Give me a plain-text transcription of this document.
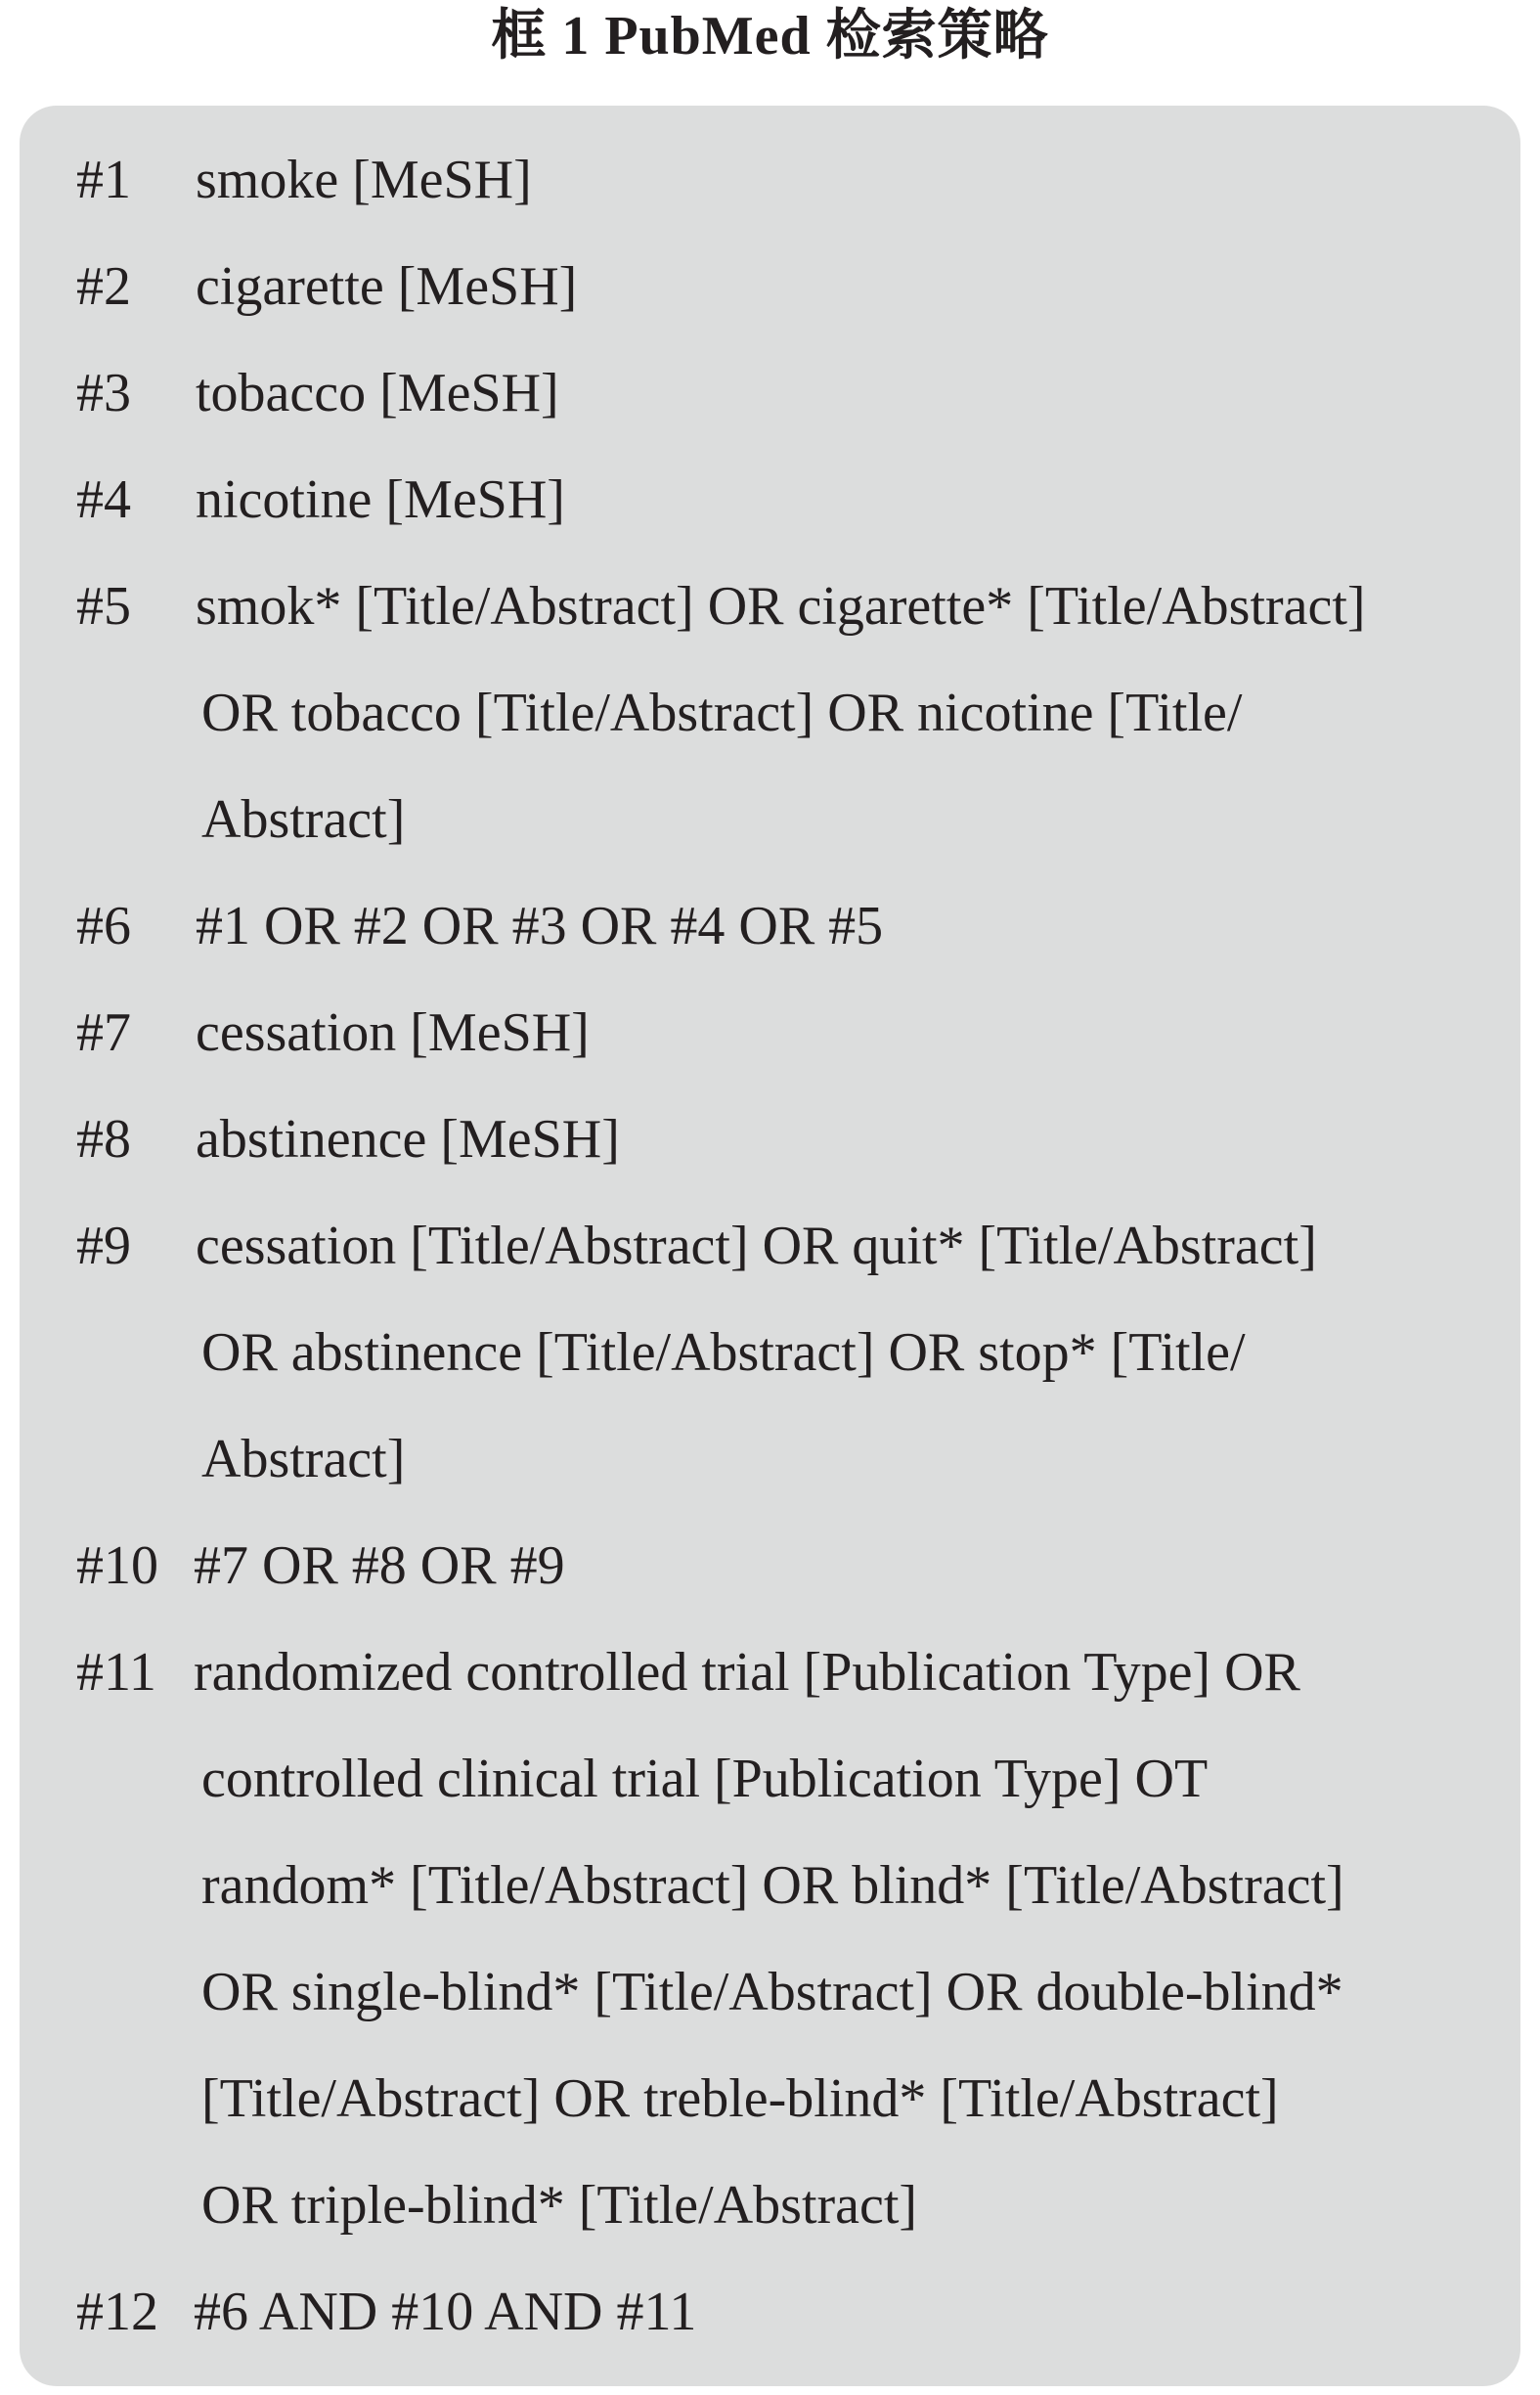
框 1 PubMed 检索策略
#1 smoke [MeSH]
#2 cigarette [MeSH]
#3 tobacco [MeSH]
#4 nicotine [MeSH]
#5 smok* [Title/Abstract] OR cigarette* [Title/Abstract]
OR tobacco [Title/Abstract] OR nicotine [Title/
Abstract]
#6 #1 OR #2 OR #3 OR #4 OR #5
#7 cessation [MeSH]
#8 abstinence [MeSH]
#9 cessation [Title/Abstract] OR quit* [Title/Abstract]
OR abstinence [Title/Abstract] OR stop* [Title/
Abstract]
#10 #7 OR #8 OR #9
#11 randomized controlled trial [Publication Type] OR
controlled clinical trial [Publication Type] OT
random* [Title/Abstract] OR blind* [Title/Abstract]
OR single-blind* [Title/Abstract] OR double-blind*
[Title/Abstract] OR treble-blind* [Title/Abstract]
OR triple-blind* [Title/Abstract]
#12 #6 AND #10 AND #11
